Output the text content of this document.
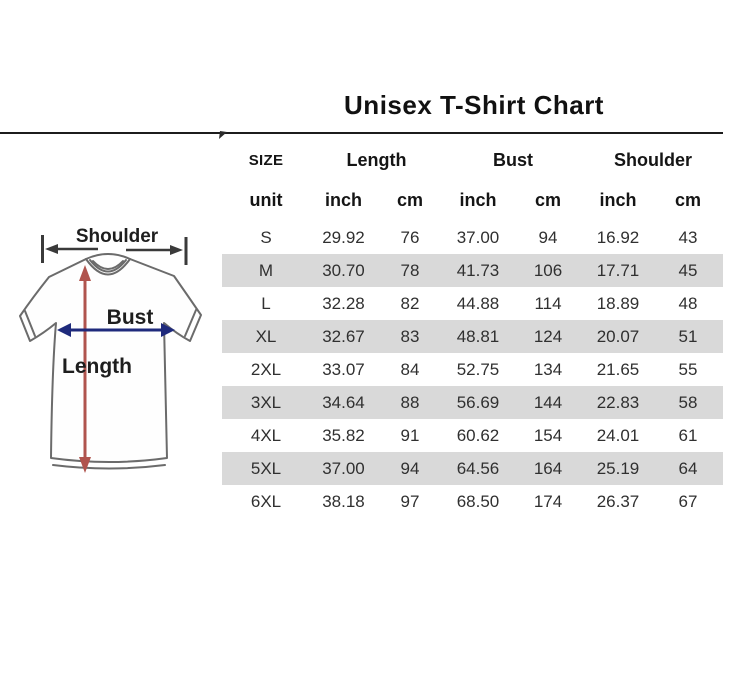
Unisex T-Shirt Chart
Shoulder
Bust
Length
SIZE	Length		Bust		Shoulder	
unit	inch	cm	inch	cm	inch	cm
S	29.92	76	37.00	94	16.92	43
M	30.70	78	41.73	106	17.71	45
L	32.28	82	44.88	114	18.89	48
XL	32.67	83	48.81	124	20.07	51
2XL	33.07	84	52.75	134	21.65	55
3XL	34.64	88	56.69	144	22.83	58
4XL	35.82	91	60.62	154	24.01	61
5XL	37.00	94	64.56	164	25.19	64
6XL	38.18	97	68.50	174	26.37	67
